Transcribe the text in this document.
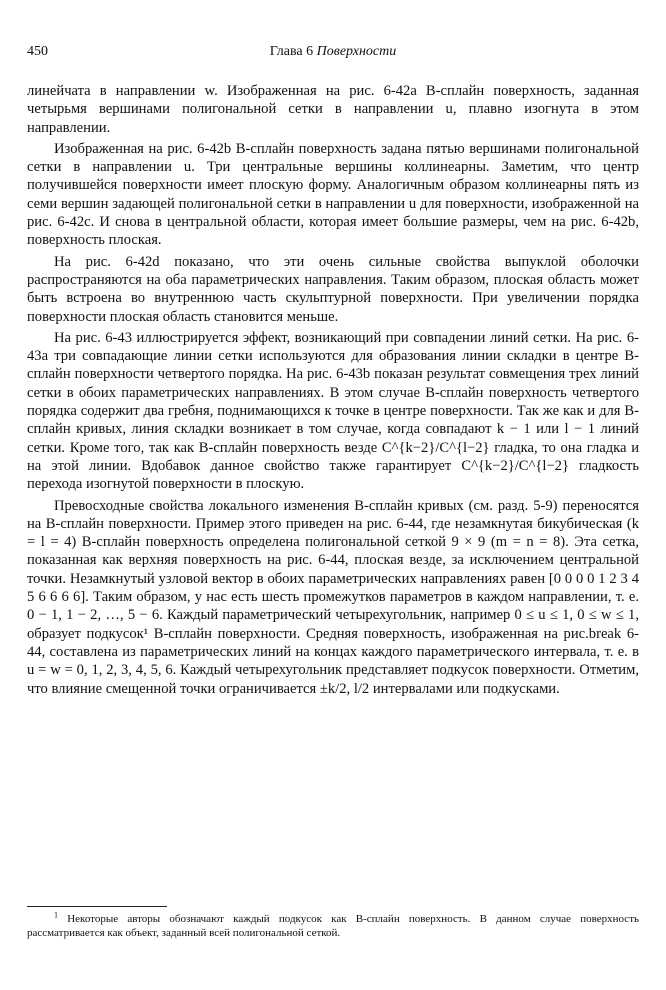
450	Глава 6 Поверхности

линейчата в направлении w. Изображенная на рис. 6-42a В-сплайн поверхность, заданная четырьмя вершинами полигональной сетки в направлении u, плавно изогнута в этом направлении.

Изображенная на рис. 6-42b В-сплайн поверхность задана пятью вершинами полигональной сетки в направлении u. Три центральные вершины коллинеарны. Заметим, что центр получившейся поверхности имеет плоскую форму. Аналогичным образом коллинеарны пять из семи вершин задающей полигональной сетки в направлении u для поверхности, изображенной на рис. 6-42c. И снова в центральной области, которая имеет большие размеры, чем на рис. 6-42b, поверхность плоская.

На рис. 6-42d показано, что эти очень сильные свойства выпуклой оболочки распространяются на оба параметрических направления. Таким образом, плоская область может быть встроена во внутреннюю часть скульптурной поверхности. При увеличении порядка поверхности плоская область становится меньше.

На рис. 6-43 иллюстрируется эффект, возникающий при совпадении линий сетки. На рис. 6-43a три совпадающие линии сетки используются для образования линии складки в центре В-сплайн поверхности четвертого порядка. На рис. 6-43b показан результат совмещения трех линий сетки в обоих параметрических направлениях. В этом случае В-сплайн поверхность четвертого порядка содержит два гребня, поднимающихся к точке в центре поверхности. Так же как и для В-сплайн кривых, линия складки возникает в том случае, когда совпадают k − 1 или l − 1 линий сетки. Кроме того, так как В-сплайн поверхность везде C^{k−2}/C^{l−2} гладка, то она гладка и на этой линии. Вдобавок данное свойство также гарантирует C^{k−2}/C^{l−2} гладкость перехода изогнутой поверхности в плоскую.

Превосходные свойства локального изменения В-сплайн кривых (см. разд. 5-9) переносятся на В-сплайн поверхности. Пример этого приведен на рис. 6-44, где незамкнутая бикубическая (k = l = 4) В-сплайн поверхность определена полигональной сеткой 9 × 9 (m = n = 8). Эта сетка, показанная как верхняя поверхность на рис. 6-44, плоская везде, за исключением центральной точки. Незамкнутый узловой вектор в обоих параметрических направлениях равен [0 0 0 0 1 2 3 4 5 6 6 6 6]. Таким образом, у нас есть шесть промежутков параметров в каждом направлении, т. е. 0 − 1, 1 − 2, …, 5 − 6. Каждый параметрический четырехугольник, например 0 ≤ u ≤ 1, 0 ≤ w ≤ 1, образует подкусок¹ В-сплайн поверхности. Средняя поверхность, изображенная на рис.break 6-44, составлена из параметрических линий на концах каждого параметрического интервала, т. е. в u = w = 0, 1, 2, 3, 4, 5, 6. Каждый четырехугольник представляет подкусок поверхности. Отметим, что влияние смещенной точки ограничивается ±k/2, l/2 интервалами или подкусками.

$^1$ Некоторые авторы обозначают каждый подкусок как В-сплайн поверхность. В данном случае поверхность рассматривается как объект, заданный всей полигональной сеткой.
